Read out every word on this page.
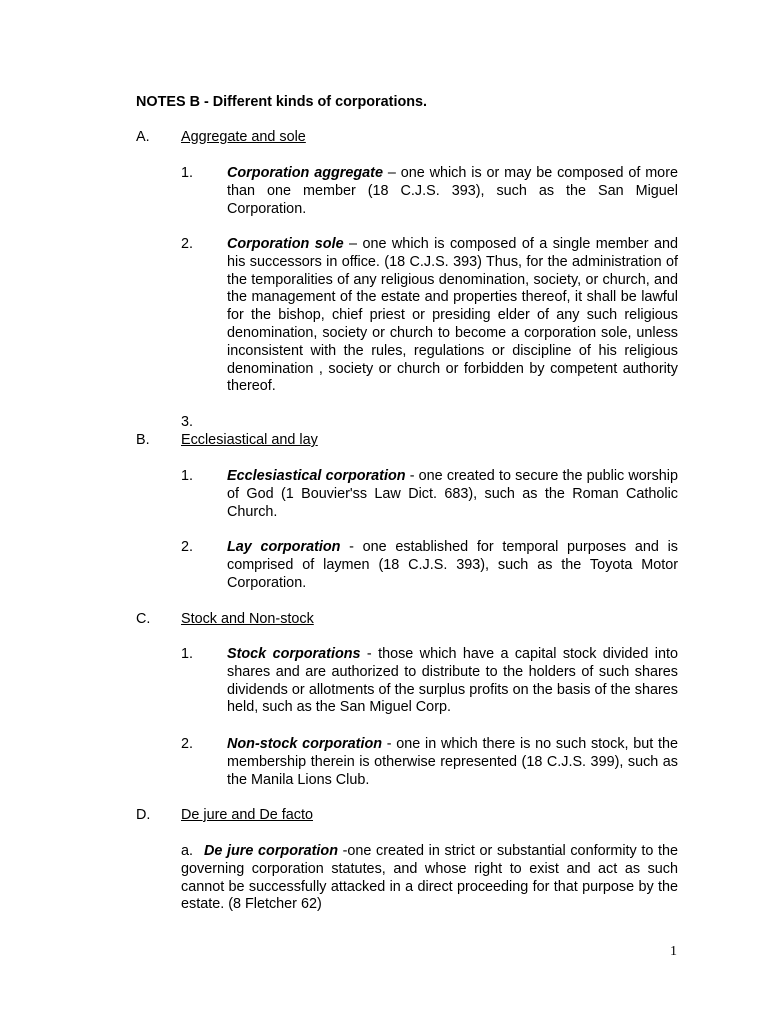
NOTES B - Different kinds of corporations.
A. Aggregate and sole
1. Corporation aggregate – one which is or may be composed of more than one member (18 C.J.S. 393), such as the San Miguel Corporation.
2. Corporation sole – one which is composed of a single member and his successors in office. (18 C.J.S. 393) Thus, for the administration of the temporalities of any religious denomination, society, or church, and the management of the estate and properties thereof, it shall be lawful for the bishop, chief priest or presiding elder of any such religious denomination, society or church to become a corporation sole, unless inconsistent with the rules, regulations or discipline of his religious denomination , society or church or forbidden by competent authority thereof.
3.
B. Ecclesiastical and lay
1. Ecclesiastical corporation - one created to secure the public worship of God (1 Bouvier'ss Law Dict. 683), such as the Roman Catholic Church.
2. Lay corporation - one established for temporal purposes and is comprised of laymen (18 C.J.S. 393), such as the Toyota Motor Corporation.
C. Stock and Non-stock
1. Stock corporations - those which have a capital stock divided into shares and are authorized to distribute to the holders of such shares dividends or allotments of the surplus profits on the basis of the shares held, such as the San Miguel Corp.
2. Non-stock corporation - one in which there is no such stock, but the membership therein is otherwise represented (18 C.J.S. 399), such as the Manila Lions Club.
D. De jure and De facto
a. De jure corporation -one created in strict or substantial conformity to the governing corporation statutes, and whose right to exist and act as such cannot be successfully attacked in a direct proceeding for that purpose by the estate. (8 Fletcher 62)
1
